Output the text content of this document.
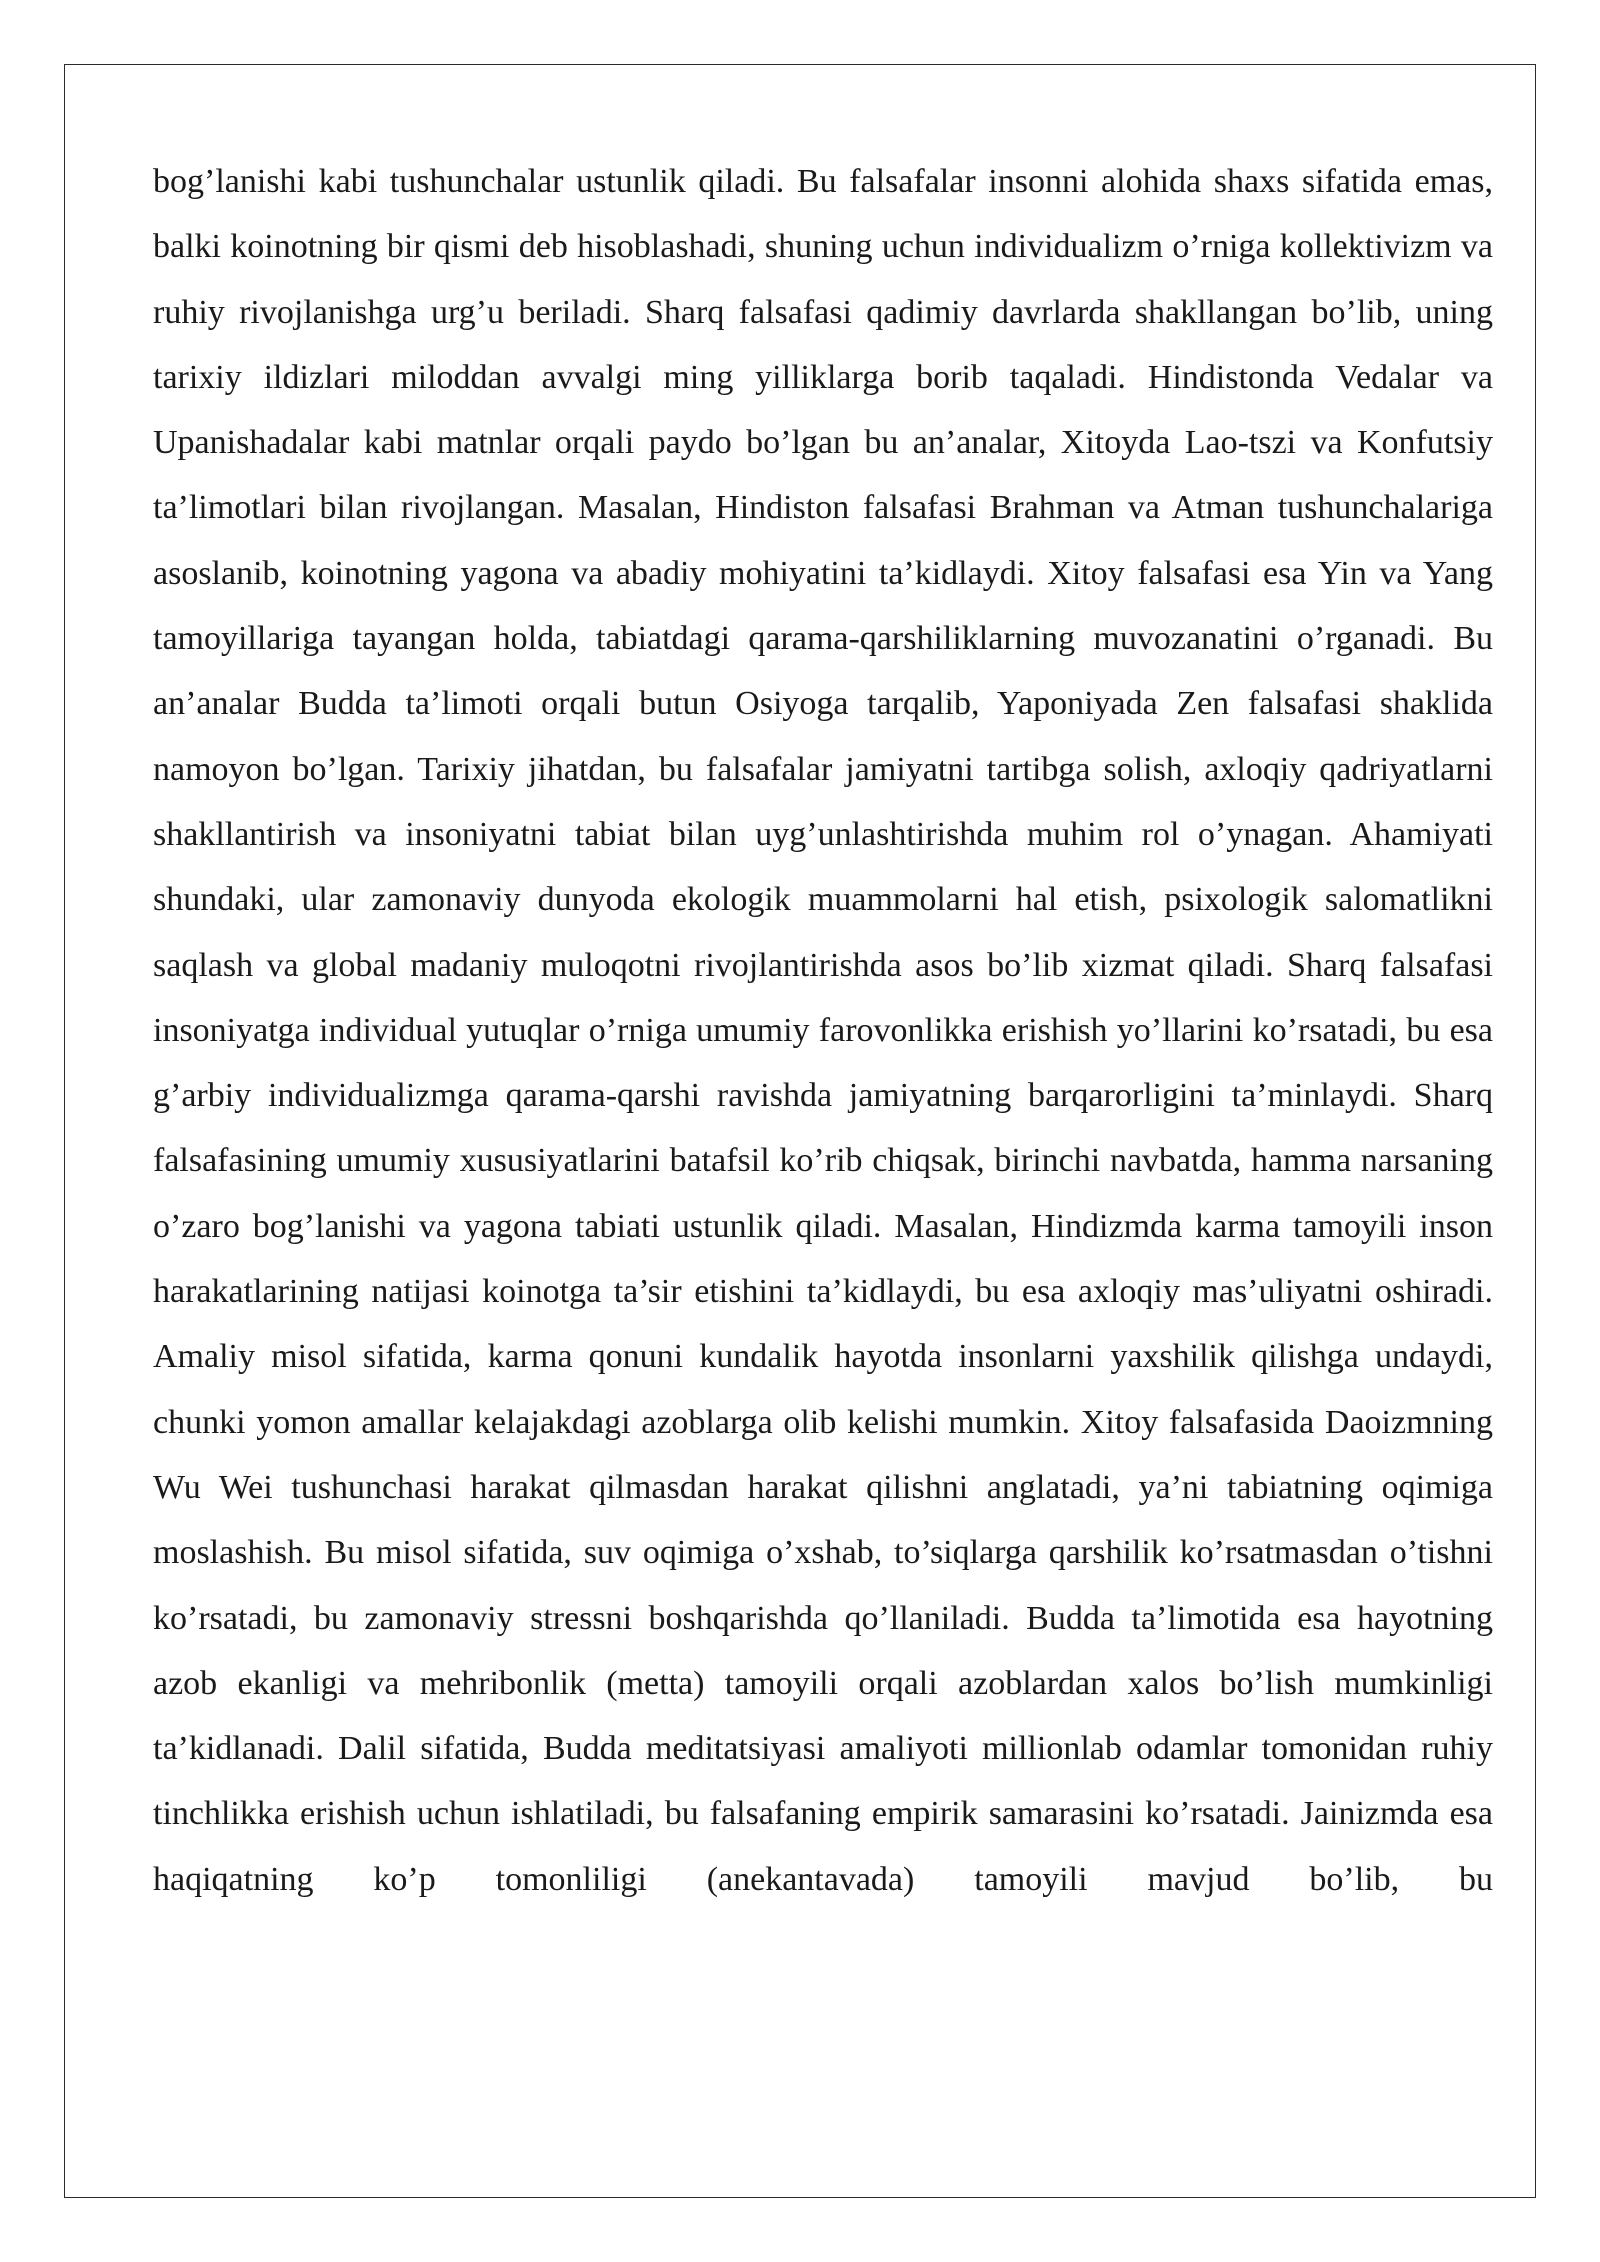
bog’lanishi kabi tushunchalar ustunlik qiladi. Bu falsafalar insonni alohida shaxs sifatida emas, balki koinotning bir qismi deb hisoblashadi, shuning uchun individualizm o’rniga kollektivizm va ruhiy rivojlanishga urg’u beriladi. Sharq falsafasi qadimiy davrlarda shakllangan bo’lib, uning tarixiy ildizlari miloddan avvalgi ming yilliklarga borib taqaladi. Hindistonda Vedalar va Upanishadalar kabi matnlar orqali paydo bo’lgan bu an’analar, Xitoyda Lao-tszi va Konfutsiy ta’limotlari bilan rivojlangan. Masalan, Hindiston falsafasi Brahman va Atman tushunchalariga asoslanib, koinotning yagona va abadiy mohiyatini ta’kidlaydi. Xitoy falsafasi esa Yin va Yang tamoyillariga tayangan holda, tabiatdagi qarama-qarshiliklarning muvozanatini o’rganadi. Bu an’analar Budda ta’limoti orqali butun Osiyoga tarqalib, Yaponiyada Zen falsafasi shaklida namoyon bo’lgan. Tarixiy jihatdan, bu falsafalar jamiyatni tartibga solish, axloqiy qadriyatlarni shakllantirish va insoniyatni tabiat bilan uyg’unlashtirishda muhim rol o’ynagan. Ahamiyati shundaki, ular zamonaviy dunyoda ekologik muammolarni hal etish, psixologik salomatlikni saqlash va global madaniy muloqotni rivojlantirishda asos bo’lib xizmat qiladi. Sharq falsafasi insoniyatga individual yutuqlar o’rniga umumiy farovonlikka erishish yo’llarini ko’rsatadi, bu esa g’arbiy individualizmga qarama-qarshi ravishda jamiyatning barqarorligini ta’minlaydi. Sharq falsafasining umumiy xususiyatlarini batafsil ko’rib chiqsak, birinchi navbatda, hamma narsaning o’zaro bog’lanishi va yagona tabiati ustunlik qiladi. Masalan, Hindizmda karma tamoyili inson harakatlarining natijasi koinotga ta’sir etishini ta’kidlaydi, bu esa axloqiy mas’uliyatni oshiradi. Amaliy misol sifatida, karma qonuni kundalik hayotda insonlarni yaxshilik qilishga undaydi, chunki yomon amallar kelajakdagi azoblarga olib kelishi mumkin. Xitoy falsafasida Daoizmning Wu Wei tushunchasi harakat qilmasdan harakat qilishni anglatadi, ya’ni tabiatning oqimiga moslashish. Bu misol sifatida, suv oqimiga o’xshab, to’siqlarga qarshilik ko’rsatmasdan o’tishni ko’rsatadi, bu zamonaviy stressni boshqarishda qo’llaniladi. Budda ta’limotida esa hayotning azob ekanligi va mehribonlik (metta) tamoyili orqali azoblardan xalos bo’lish mumkinligi ta’kidlanadi. Dalil sifatida, Budda meditatsiyasi amaliyoti millionlab odamlar tomonidan ruhiy tinchlikka erishish uchun ishlatiladi, bu falsafaning empirik samarasini ko’rsatadi. Jainizmda esa haqiqatning ko’p tomonliligi (anekantavada) tamoyili mavjud bo’lib, bu
